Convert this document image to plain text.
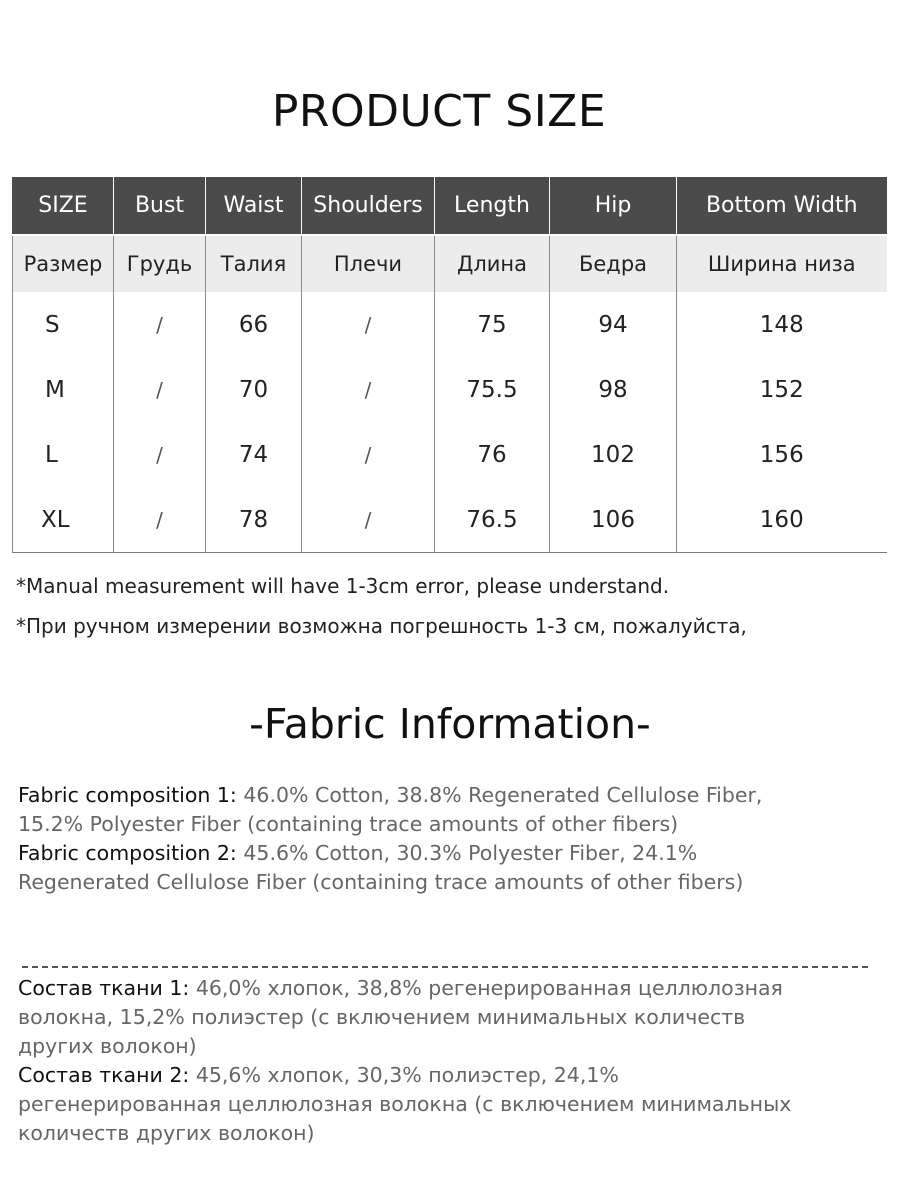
PRODUCT SIZE
SIZE	Bust	Waist	Shoulders	Length	Hip	Bottom Width
Размер	Грудь	Талия	Плечи	Длина	Бедра	Ширина низа
S	/	66	/	75	94	148
M	/	70	/	75.5	98	152
L	/	74	/	76	102	156
XL	/	78	/	76.5	106	160
*Manual measurement will have 1-3cm error, please understand.
*При ручном измерении возможна погрешность 1-3 см, пожалуйста,
-Fabric Information-
Fabric composition 1: 46.0% Cotton, 38.8% Regenerated Cellulose Fiber, 15.2% Polyester Fiber (containing trace amounts of other fibers)
Fabric composition 2: 45.6% Cotton, 30.3% Polyester Fiber, 24.1% Regenerated Cellulose Fiber (containing trace amounts of other fibers)
Состав ткани 1: 46,0% хлопок, 38,8% регенерированная целлюлозная волокна, 15,2% полиэстер (с включением минимальных количеств других волокон)
Состав ткани 2: 45,6% хлопок, 30,3% полиэстер, 24,1% регенерированная целлюлозная волокна (с включением минимальных количеств других волокон)
